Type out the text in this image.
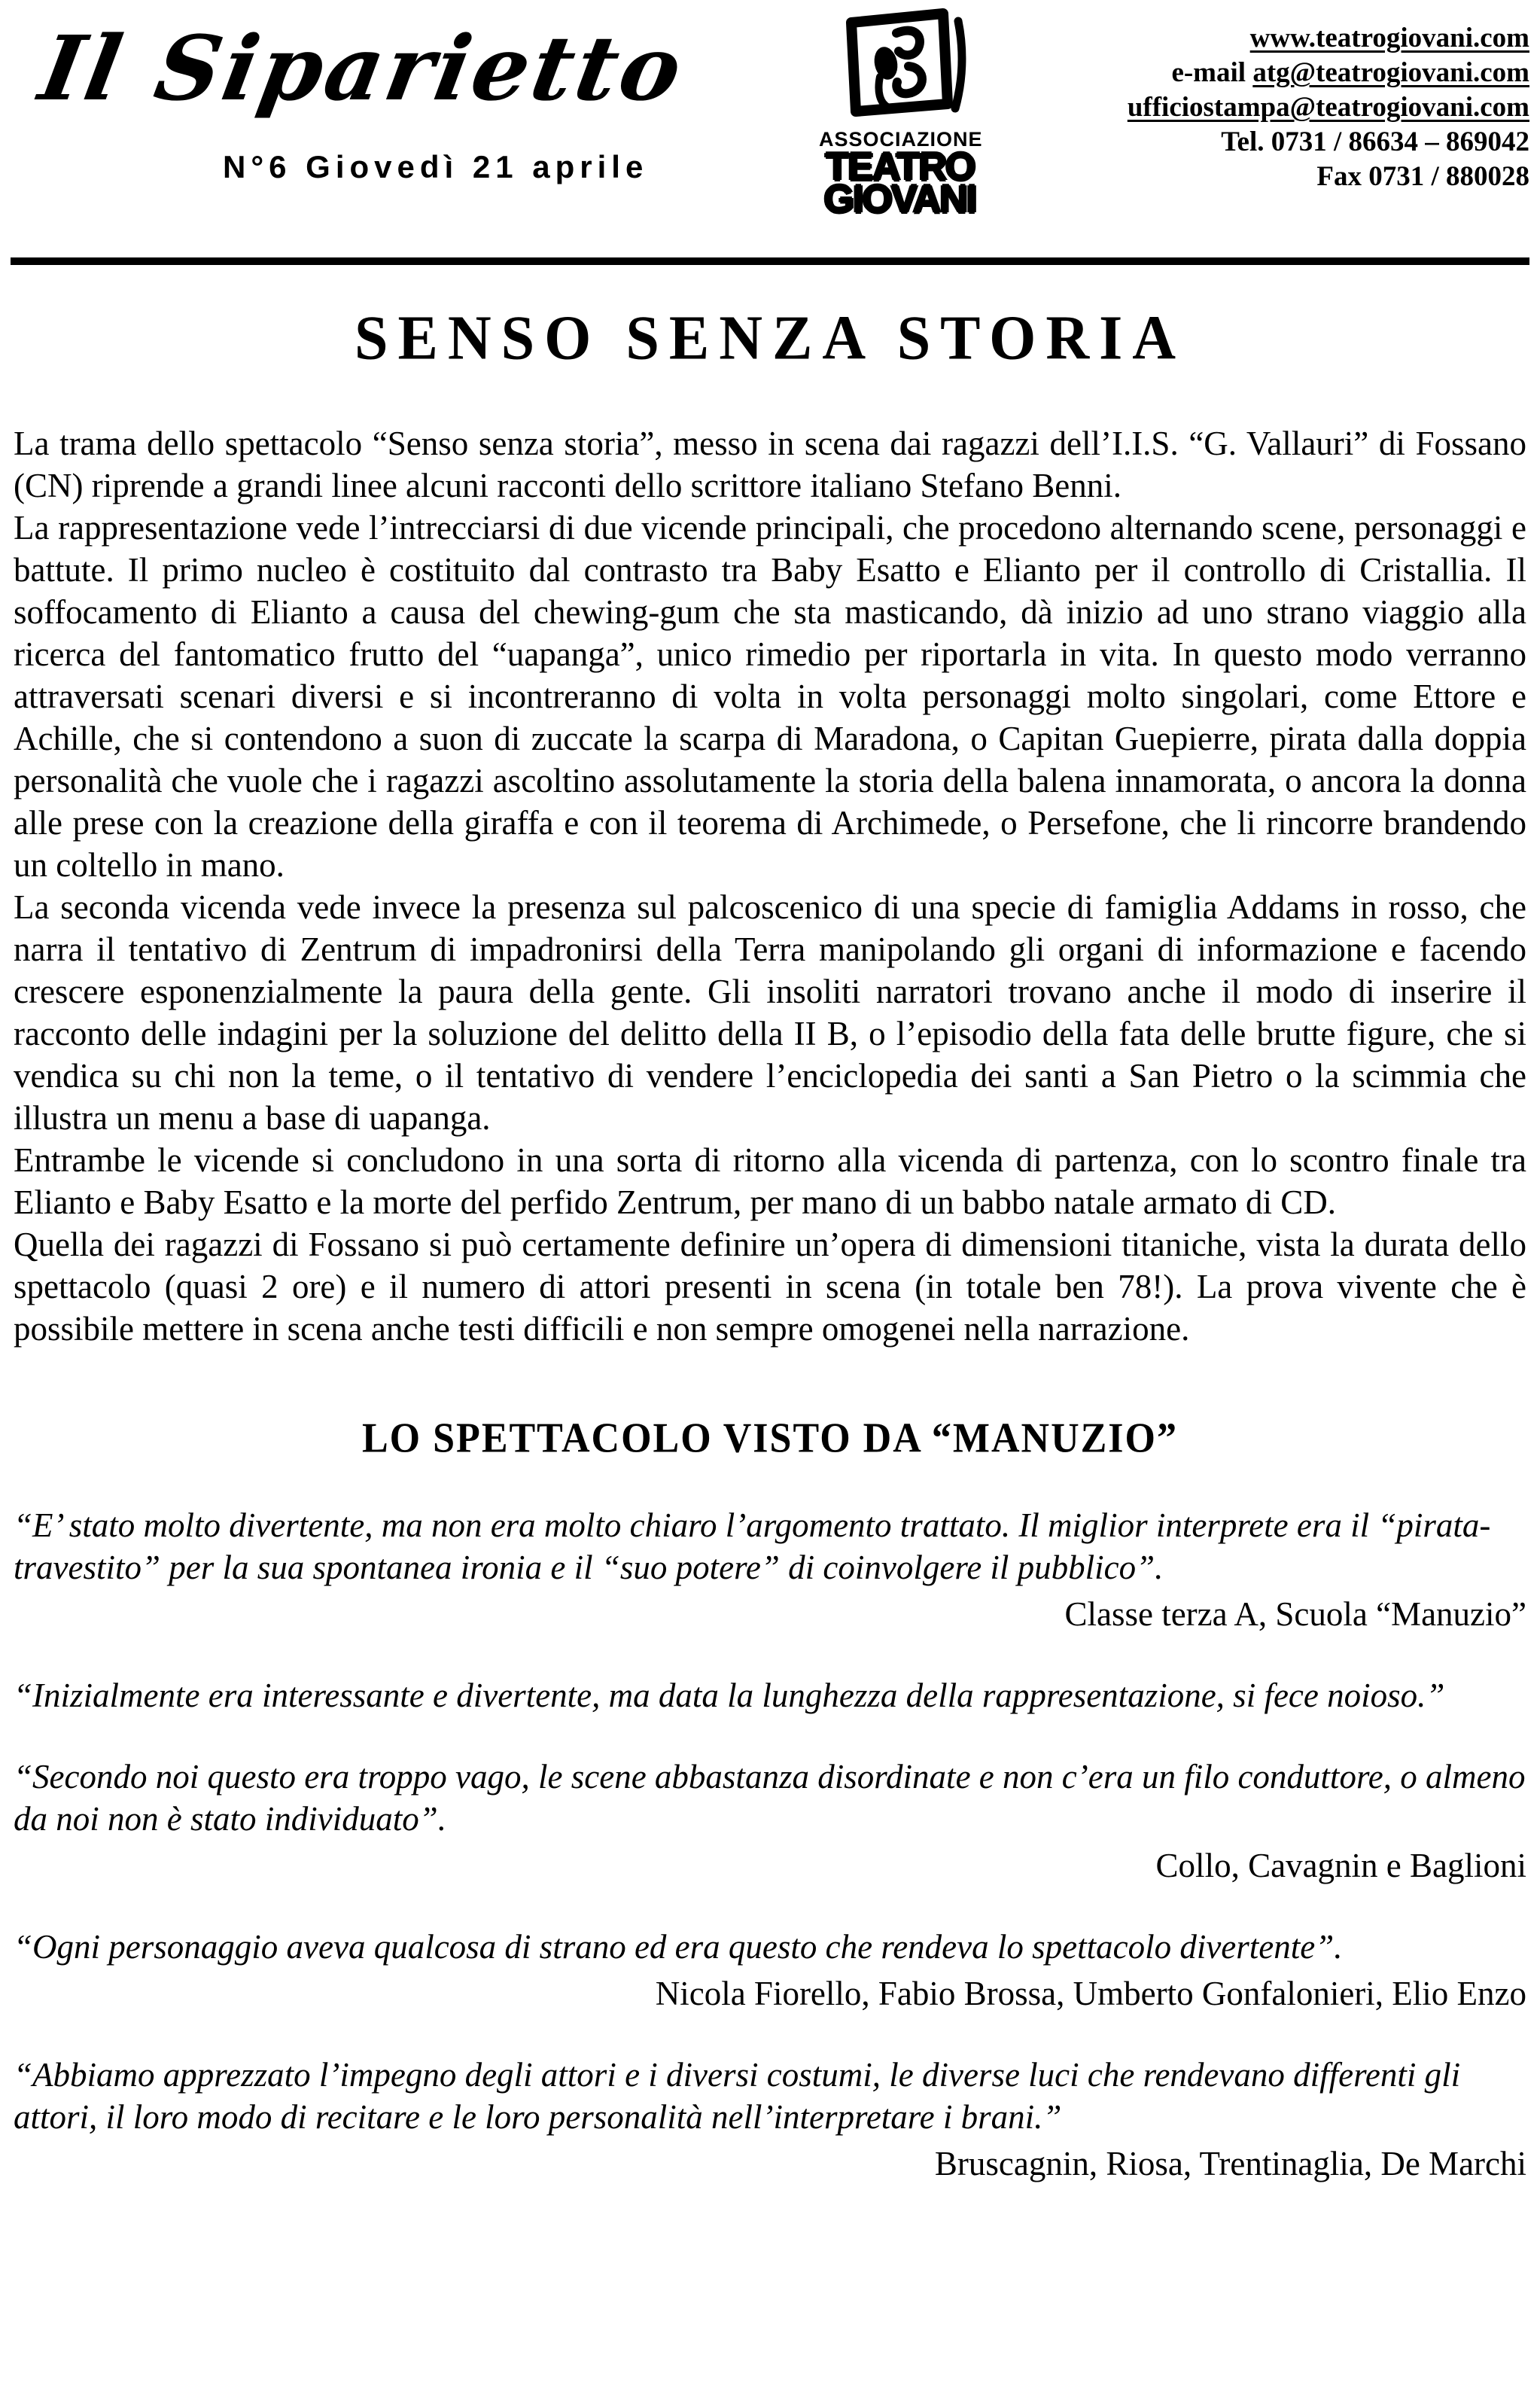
Il Siparietto
N°6 Giovedì 21 aprile
ASSOCIAZIONE
TEATRO
GIOVANI
www.teatrogiovani.com
e-mail atg@teatrogiovani.com
ufficiostampa@teatrogiovani.com
Tel. 0731 / 86634 – 869042
Fax 0731 / 880028
SENSO SENZA STORIA

La trama dello spettacolo “Senso senza storia”, messo in scena dai ragazzi dell’I.I.S. “G. Vallauri” di Fossano (CN) riprende a grandi linee alcuni racconti dello scrittore italiano Stefano Benni.

La rappresentazione vede l’intrecciarsi di due vicende principali, che procedono alternando scene, personaggi e battute. Il primo nucleo è costituito dal contrasto tra Baby Esatto e Elianto per il controllo di Cristallia. Il soffocamento di Elianto a causa del chewing-gum che sta masticando, dà inizio ad uno strano viaggio alla ricerca del fantomatico frutto del “uapanga”, unico rimedio per riportarla in vita. In questo modo verranno attraversati scenari diversi e si incontreranno di volta in volta personaggi molto singolari, come Ettore e Achille, che si contendono a suon di zuccate la scarpa di Maradona, o Capitan Guepierre, pirata dalla doppia personalità che vuole che i ragazzi ascoltino assolutamente la storia della balena innamorata, o ancora la donna alle prese con la creazione della giraffa e con il teorema di Archimede, o Persefone, che li rincorre brandendo un coltello in mano.

La seconda vicenda vede invece la presenza sul palcoscenico di una specie di famiglia Addams in rosso, che narra il tentativo di Zentrum di impadronirsi della Terra manipolando gli organi di informazione e facendo crescere esponenzialmente la paura della gente. Gli insoliti narratori trovano anche il modo di inserire il racconto delle indagini per la soluzione del delitto della II B, o l’episodio della fata delle brutte figure, che si vendica su chi non la teme, o il tentativo di vendere l’enciclopedia dei santi a San Pietro o la scimmia che illustra un menu a base di uapanga.

Entrambe le vicende si concludono in una sorta di ritorno alla vicenda di partenza, con lo scontro finale tra Elianto e Baby Esatto e la morte del perfido Zentrum, per mano di un babbo natale armato di CD.

Quella dei ragazzi di Fossano si può certamente definire un’opera di dimensioni titaniche, vista la durata dello spettacolo (quasi 2 ore) e il numero di attori presenti in scena (in totale ben 78!). La prova vivente che è possibile mettere in scena anche testi difficili e non sempre omogenei nella narrazione.

LO SPETTACOLO VISTO DA “MANUZIO”

“E’ stato molto divertente, ma non era molto chiaro l’argomento trattato. Il miglior interprete era il “pirata-travestito” per la sua spontanea ironia e il “suo potere” di coinvolgere il pubblico”.

Classe terza A, Scuola “Manuzio”

“Inizialmente era interessante e divertente, ma data la lunghezza della rappresentazione, si fece noioso.”

“Secondo noi questo era troppo vago, le scene abbastanza disordinate e non c’era un filo conduttore, o almeno da noi non è stato individuato”.

Collo, Cavagnin e Baglioni

“Ogni personaggio aveva qualcosa di strano ed era questo che rendeva lo spettacolo divertente”.

Nicola Fiorello, Fabio Brossa, Umberto Gonfalonieri, Elio Enzo

“Abbiamo apprezzato l’impegno degli attori e i diversi costumi, le diverse luci che rendevano differenti gli attori, il loro modo di recitare e le loro personalità nell’interpretare i brani.”

Bruscagnin, Riosa, Trentinaglia, De Marchi
